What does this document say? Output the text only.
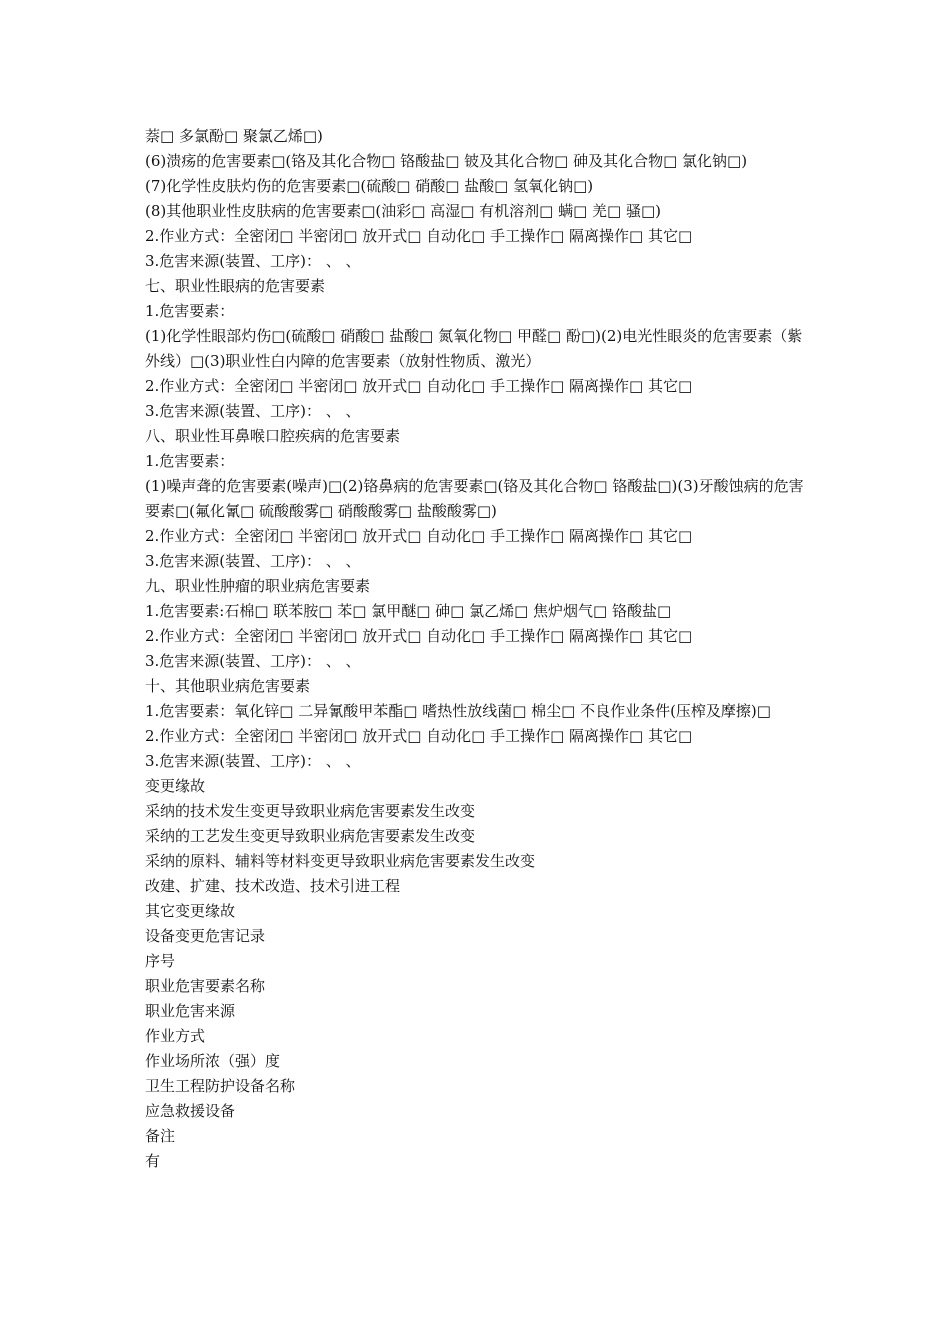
萘□ 多氯酚□ 聚氯乙烯□)
(6)溃疡的危害要素□(铬及其化合物□ 铬酸盐□ 铍及其化合物□ 砷及其化合物□ 氯化钠□)
(7)化学性皮肤灼伤的危害要素□(硫酸□ 硝酸□ 盐酸□ 氢氧化钠□)
(8)其他职业性皮肤病的危害要素□(油彩□ 高湿□ 有机溶剂□ 螨□ 羌□ 骚□)
2.作业方式：全密闭□ 半密闭□ 放开式□ 自动化□ 手工操作□ 隔离操作□ 其它□
3.危害来源(装置、工序)： 、 、
七、职业性眼病的危害要素
1.危害要素：
(1)化学性眼部灼伤□(硫酸□ 硝酸□ 盐酸□ 氮氧化物□ 甲醛□ 酚□)(2)电光性眼炎的危害要素（紫外线）□(3)职业性白内障的危害要素（放射性物质、激光）
2.作业方式：全密闭□ 半密闭□ 放开式□ 自动化□ 手工操作□ 隔离操作□ 其它□
3.危害来源(装置、工序)： 、 、
八、职业性耳鼻喉口腔疾病的危害要素
1.危害要素：
(1)噪声聋的危害要素(噪声)□(2)铬鼻病的危害要素□(铬及其化合物□ 铬酸盐□)(3)牙酸蚀病的危害要素□(氟化氰□ 硫酸酸雾□ 硝酸酸雾□ 盐酸酸雾□)
2.作业方式：全密闭□ 半密闭□ 放开式□ 自动化□ 手工操作□ 隔离操作□ 其它□
3.危害来源(装置、工序)： 、 、
九、职业性肿瘤的职业病危害要素
1.危害要素:石棉□ 联苯胺□ 苯□ 氯甲醚□ 砷□ 氯乙烯□ 焦炉烟气□ 铬酸盐□
2.作业方式：全密闭□ 半密闭□ 放开式□ 自动化□ 手工操作□ 隔离操作□ 其它□
3.危害来源(装置、工序)： 、 、
十、其他职业病危害要素
1.危害要素：氧化锌□ 二异氰酸甲苯酯□ 嗜热性放线菌□ 棉尘□ 不良作业条件(压榨及摩擦)□
2.作业方式：全密闭□ 半密闭□ 放开式□ 自动化□ 手工操作□ 隔离操作□ 其它□
3.危害来源(装置、工序)： 、 、
变更缘故
采纳的技术发生变更导致职业病危害要素发生改变
采纳的工艺发生变更导致职业病危害要素发生改变
采纳的原料、辅料等材料变更导致职业病危害要素发生改变
改建、扩建、技术改造、技术引进工程
其它变更缘故
设备变更危害记录
序号
职业危害要素名称
职业危害来源
作业方式
作业场所浓（强）度
卫生工程防护设备名称
应急救援设备
备注
有
